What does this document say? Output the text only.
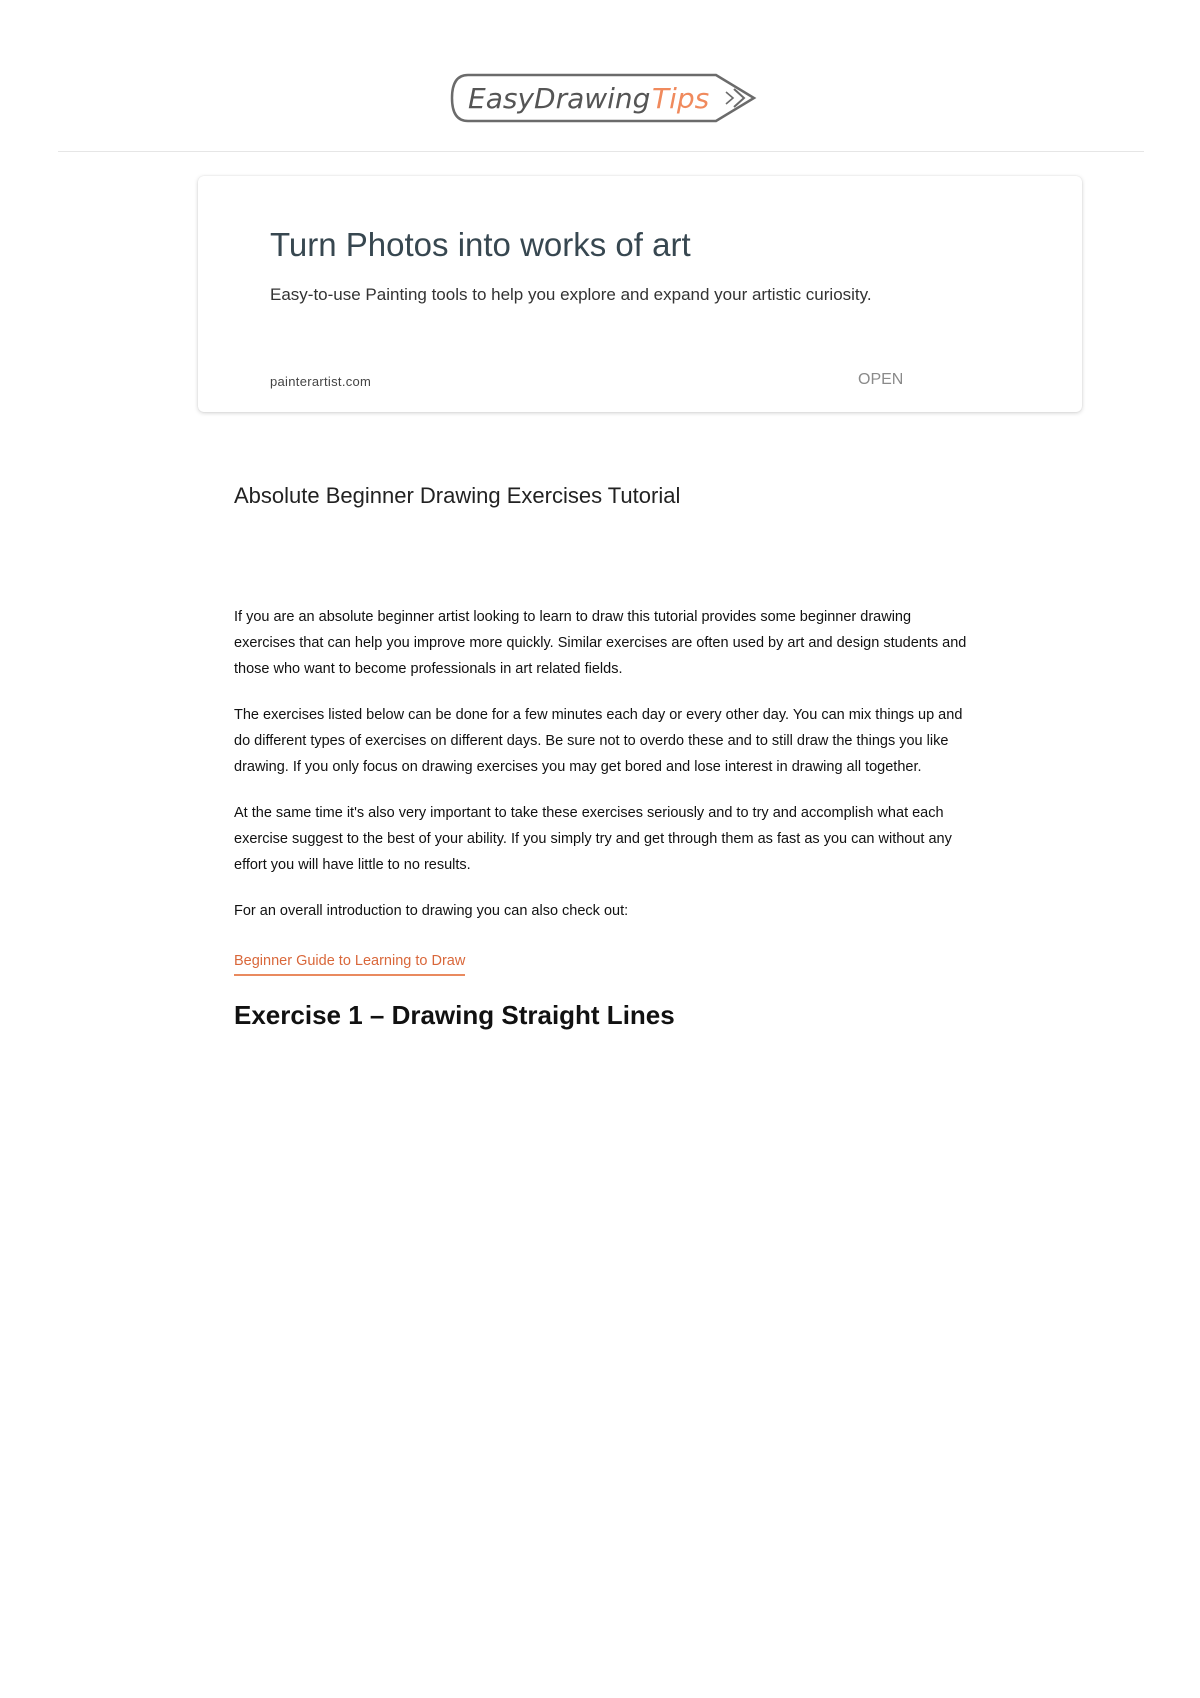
EasyDrawing Tips
Turn Photos into works of art
Easy-to-use Painting tools to help you explore and expand your artistic curiosity.
painterartist.com	OPEN
Absolute Beginner Drawing Exercises Tutorial

If you are an absolute beginner artist looking to learn to draw this tutorial provides some beginner drawing exercises that can help you improve more quickly. Similar exercises are often used by art and design students and those who want to become professionals in art related fields.

The exercises listed below can be done for a few minutes each day or every other day. You can mix things up and do different types of exercises on different days. Be sure not to overdo these and to still draw the things you like drawing. If you only focus on drawing exercises you may get bored and lose interest in drawing all together.

At the same time it's also very important to take these exercises seriously and to try and accomplish what each exercise suggest to the best of your ability. If you simply try and get through them as fast as you can without any effort you will have little to no results.

For an overall introduction to drawing you can also check out:

Beginner Guide to Learning to Draw
Exercise 1 – Drawing Straight Lines
